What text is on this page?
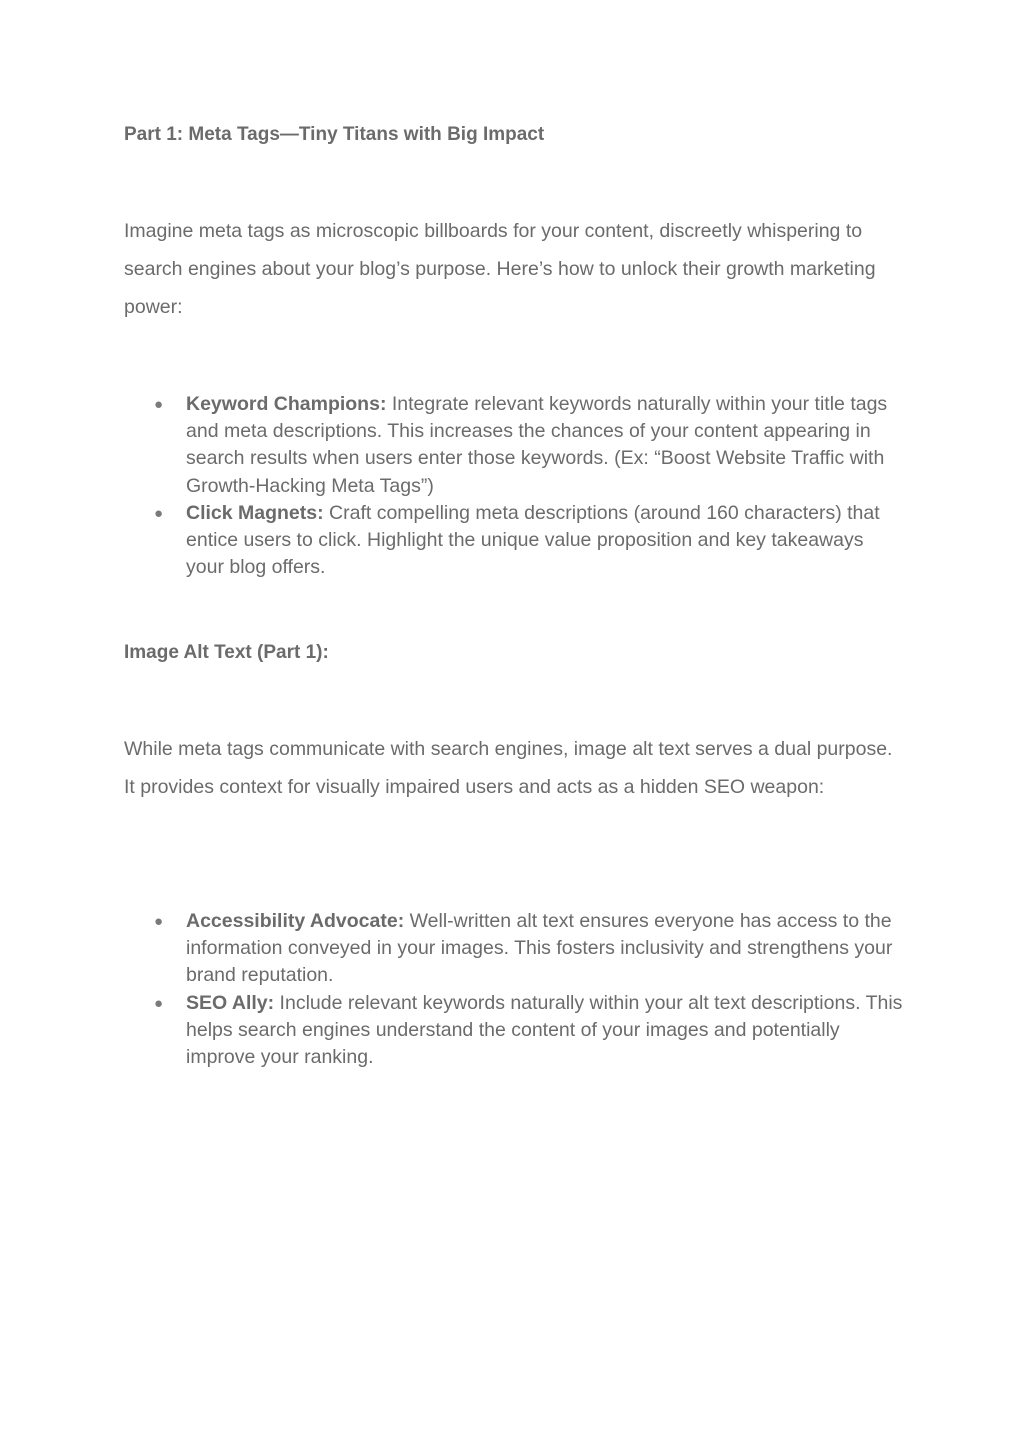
Part 1: Meta Tags—Tiny Titans with Big Impact

Imagine meta tags as microscopic billboards for your content, discreetly whispering to search engines about your blog’s purpose. Here’s how to unlock their growth marketing power:

● Keyword Champions: Integrate relevant keywords naturally within your title tags and meta descriptions. This increases the chances of your content appearing in search results when users enter those keywords. (Ex: “Boost Website Traffic with Growth-Hacking Meta Tags”)
● Click Magnets: Craft compelling meta descriptions (around 160 characters) that entice users to click. Highlight the unique value proposition and key takeaways your blog offers.
Image Alt Text (Part 1):

While meta tags communicate with search engines, image alt text serves a dual purpose. It provides context for visually impaired users and acts as a hidden SEO weapon:

● Accessibility Advocate: Well-written alt text ensures everyone has access to the information conveyed in your images. This fosters inclusivity and strengthens your brand reputation.
● SEO Ally: Include relevant keywords naturally within your alt text descriptions. This helps search engines understand the content of your images and potentially improve your ranking.
